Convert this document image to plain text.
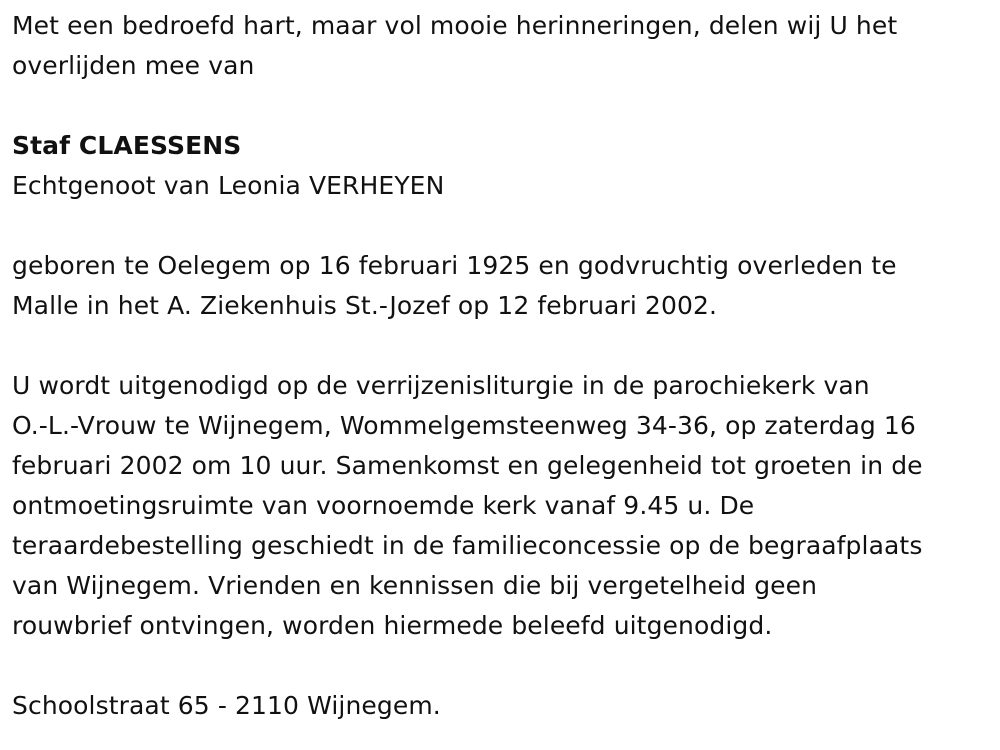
Met een bedroefd hart, maar vol mooie herinneringen, delen wij U het
overlijden mee van

Staf CLAESSENS
Echtgenoot van Leonia VERHEYEN

geboren te Oelegem op 16 februari 1925 en godvruchtig overleden te
Malle in het A. Ziekenhuis St.-Jozef op 12 februari 2002.

U wordt uitgenodigd op de verrijzenisliturgie in de parochiekerk van
O.-L.-Vrouw te Wijnegem, Wommelgemsteenweg 34-36, op zaterdag 16
februari 2002 om 10 uur. Samenkomst en gelegenheid tot groeten in de
ontmoetingsruimte van voornoemde kerk vanaf 9.45 u. De
teraardebestelling geschiedt in de familieconcessie op de begraafplaats
van Wijnegem. Vrienden en kennissen die bij vergetelheid geen
rouwbrief ontvingen, worden hiermede beleefd uitgenodigd.

Schoolstraat 65 - 2110 Wijnegem.
